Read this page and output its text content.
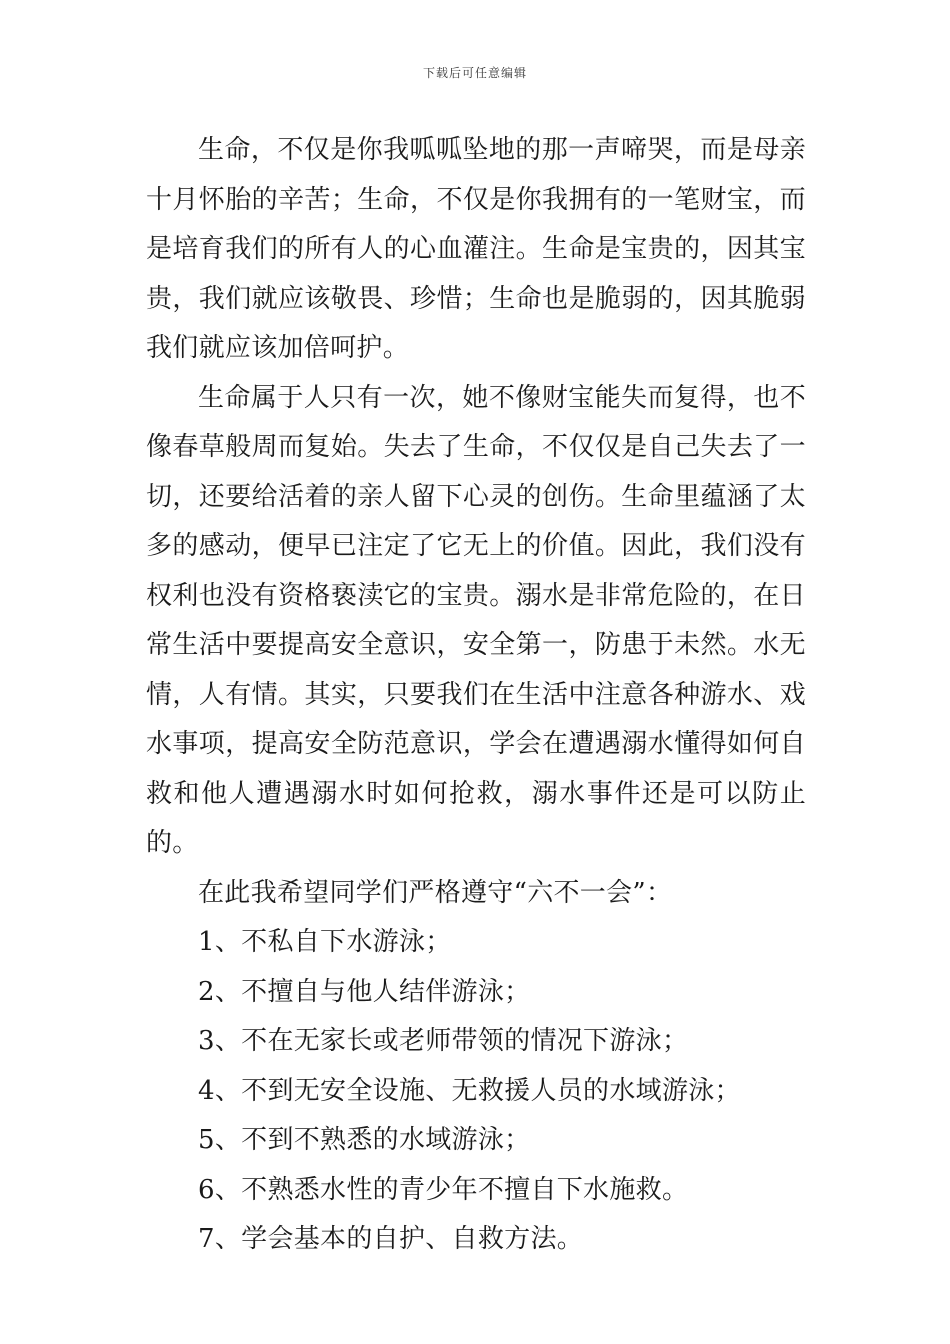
下载后可任意编辑

生命，不仅是你我呱呱坠地的那一声啼哭，而是母亲十月怀胎的辛苦；生命，不仅是你我拥有的一笔财宝，而是培育我们的所有人的心血灌注。生命是宝贵的，因其宝贵，我们就应该敬畏、珍惜；生命也是脆弱的，因其脆弱我们就应该加倍呵护。

生命属于人只有一次，她不像财宝能失而复得，也不像春草般周而复始。失去了生命，不仅仅是自己失去了一切，还要给活着的亲人留下心灵的创伤。生命里蕴涵了太多的感动，便早已注定了它无上的价值。因此，我们没有权利也没有资格亵渎它的宝贵。溺水是非常危险的，在日常生活中要提高安全意识，安全第一，防患于未然。水无情，人有情。其实，只要我们在生活中注意各种游水、戏水事项，提高安全防范意识，学会在遭遇溺水懂得如何自救和他人遭遇溺水时如何抢救，溺水事件还是可以防止的。

在此我希望同学们严格遵守“六不一会”：

1、不私自下水游泳；

2、不擅自与他人结伴游泳；

3、不在无家长或老师带领的情况下游泳；

4、不到无安全设施、无救援人员的水域游泳；

5、不到不熟悉的水域游泳；

6、不熟悉水性的青少年不擅自下水施救。

7、学会基本的自护、自救方法。
